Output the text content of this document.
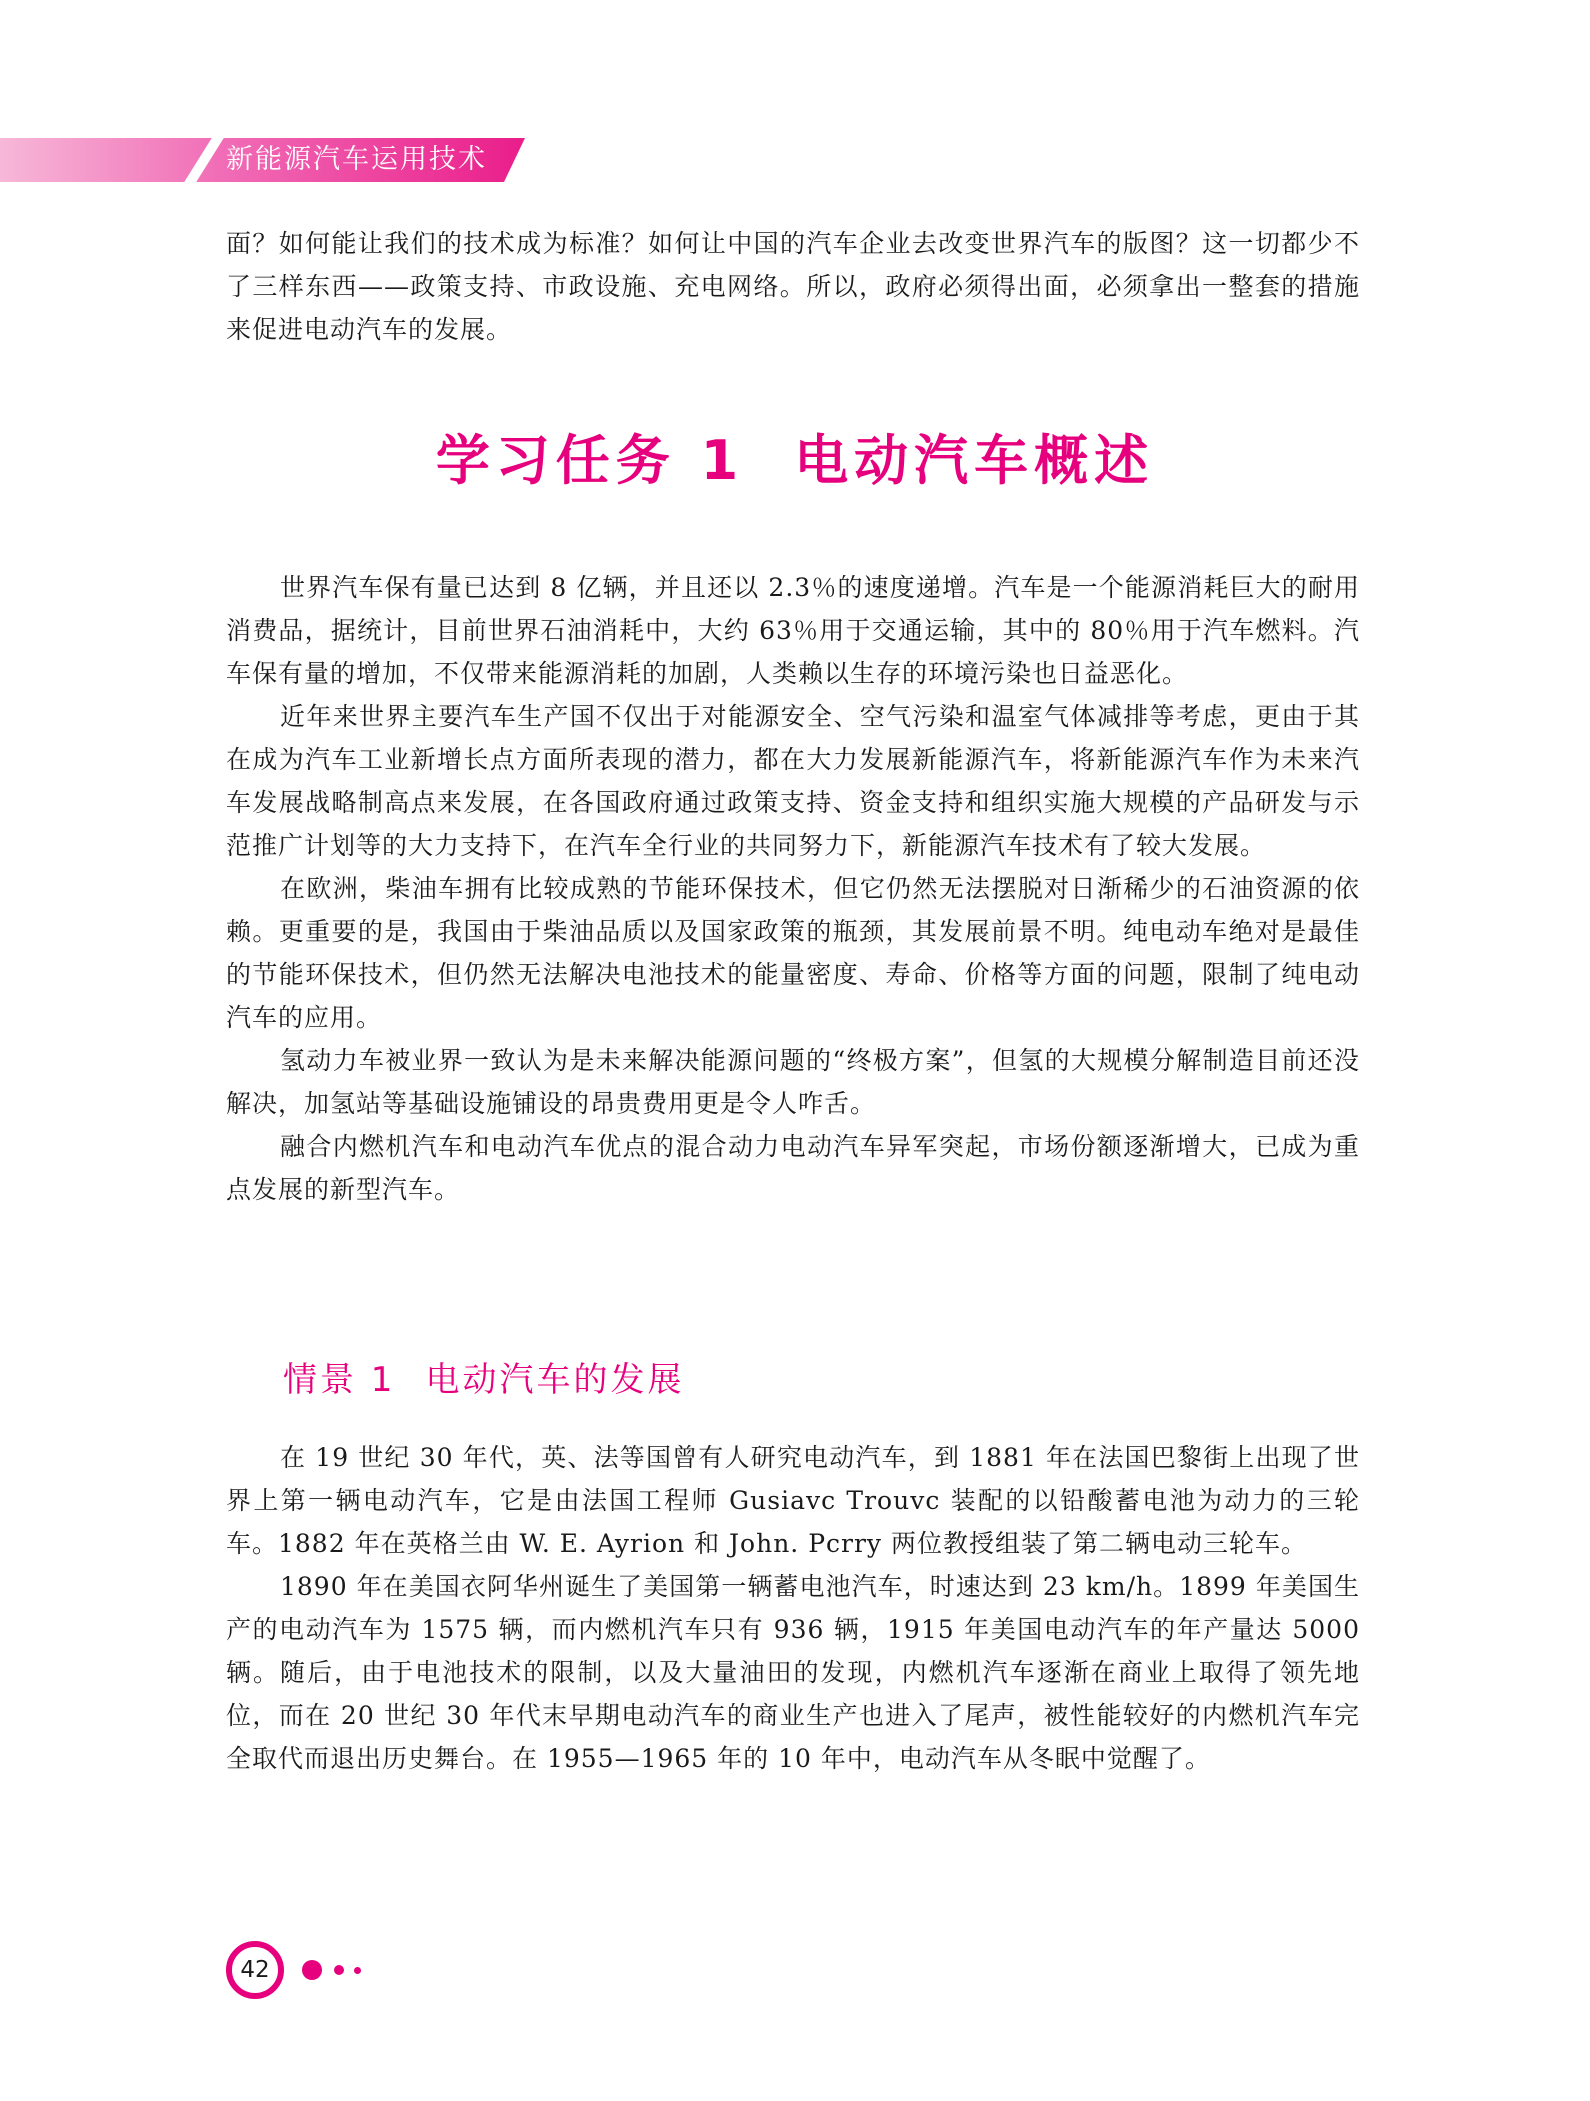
新能源汽车运用技术

面？如何能让我们的技术成为标准？如何让中国的汽车企业去改变世界汽车的版图？这一切都少不了三样东西——政策支持、市政设施、充电网络。所以，政府必须得出面，必须拿出一整套的措施来促进电动汽车的发展。

学习任务 1 电动汽车概述

世界汽车保有量已达到 8 亿辆，并且还以 2.3％的速度递增。汽车是一个能源消耗巨大的耐用消费品，据统计，目前世界石油消耗中，大约 63％用于交通运输，其中的 80％用于汽车燃料。汽车保有量的增加，不仅带来能源消耗的加剧，人类赖以生存的环境污染也日益恶化。

近年来世界主要汽车生产国不仅出于对能源安全、空气污染和温室气体减排等考虑，更由于其在成为汽车工业新增长点方面所表现的潜力，都在大力发展新能源汽车，将新能源汽车作为未来汽车发展战略制高点来发展，在各国政府通过政策支持、资金支持和组织实施大规模的产品研发与示范推广计划等的大力支持下，在汽车全行业的共同努力下，新能源汽车技术有了较大发展。

在欧洲，柴油车拥有比较成熟的节能环保技术，但它仍然无法摆脱对日渐稀少的石油资源的依赖。更重要的是，我国由于柴油品质以及国家政策的瓶颈，其发展前景不明。纯电动车绝对是最佳的节能环保技术，但仍然无法解决电池技术的能量密度、寿命、价格等方面的问题，限制了纯电动汽车的应用。

氢动力车被业界一致认为是未来解决能源问题的“终极方案”，但氢的大规模分解制造目前还没解决，加氢站等基础设施铺设的昂贵费用更是令人咋舌。

融合内燃机汽车和电动汽车优点的混合动力电动汽车异军突起，市场份额逐渐增大，已成为重点发展的新型汽车。

情景 1 电动汽车的发展

在 19 世纪 30 年代，英、法等国曾有人研究电动汽车，到 1881 年在法国巴黎街上出现了世界上第一辆电动汽车，它是由法国工程师 Gusiavc Trouvc 装配的以铅酸蓄电池为动力的三轮车。1882 年在英格兰由 W. E. Ayrion 和 John. Pcrry 两位教授组装了第二辆电动三轮车。

1890 年在美国衣阿华州诞生了美国第一辆蓄电池汽车，时速达到 23 km/h。1899 年美国生产的电动汽车为 1575 辆，而内燃机汽车只有 936 辆，1915 年美国电动汽车的年产量达 5000 辆。随后，由于电池技术的限制，以及大量油田的发现，内燃机汽车逐渐在商业上取得了领先地位，而在 20 世纪 30 年代末早期电动汽车的商业生产也进入了尾声，被性能较好的内燃机汽车完全取代而退出历史舞台。在 1955—1965 年的 10 年中，电动汽车从冬眠中觉醒了。

42
